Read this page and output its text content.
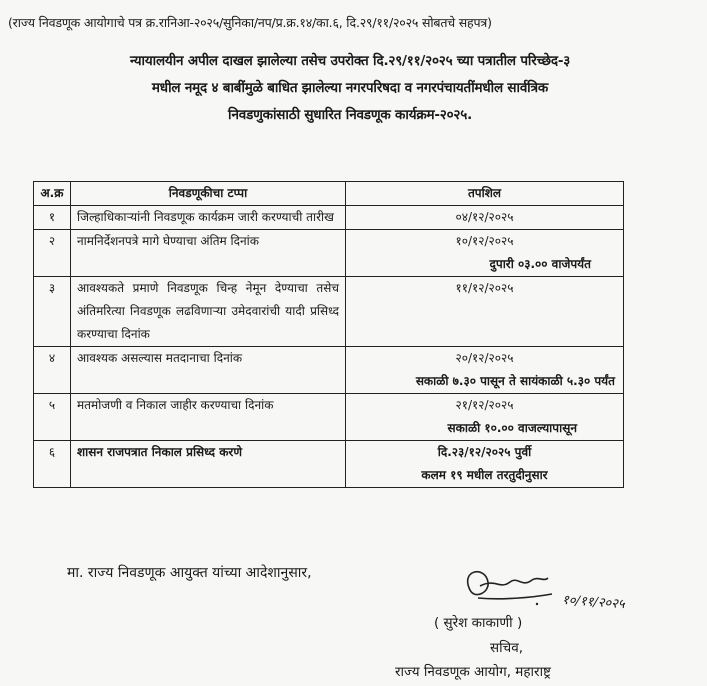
(राज्य निवडणूक आयोगाचे पत्र क्र.रानिआ-२०२५/सुनिका/नप/प्र.क्र.१४/का.६, दि.२९/११/२०२५ सोबतचे सहपत्र)
न्यायालयीन अपील दाखल झालेल्या तसेच उपरोक्त दि.२९/११/२०२५ च्या पत्रातील परिच्छेद-३
मधील नमूद ४ बाबींमुळे बाधित झालेल्या नगरपरिषदा व नगरपंचायतींमधील सार्वत्रिक
निवडणुकांसाठी सुधारित निवडणूक कार्यक्रम-२०२५.
अ.क्र	निवडणूकीचा टप्पा	तपशिल
१	जिल्हाधिकाऱ्यांनी निवडणूक कार्यक्रम जारी करण्याची तारीख	०४/१२/२०२५

२	नामनिर्देशनपत्रे मागे घेण्याचा अंतिम दिनांक	१०/१२/२०२५
दुपारी ०३.०० वाजेपर्यंत

३	आवश्यकते प्रमाणे निवडणूक चिन्ह नेमून देण्याचा तसेच अंतिमरित्या निवडणूक लढविणाऱ्या उमेदवारांची यादी प्रसिध्द करण्याचा दिनांक	११/१२/२०२५

४	आवश्यक असल्यास मतदानाचा दिनांक	२०/१२/२०२५
सकाळी ७.३० पासून ते सायंकाळी ५.३० पर्यंत

५	मतमोजणी व निकाल जाहीर करण्याचा दिनांक	२१/१२/२०२५
सकाळी १०.०० वाजल्यापासून

६	शासन राजपत्रात निकाल प्रसिध्द करणे	दि.२३/१२/२०२५ पुर्वी
कलम १९ मधील तरतुदीनुसार
मा. राज्य निवडणूक आयुक्त यांच्या आदेशानुसार,
१०/११/२०२५
( सुरेश काकाणी )
सचिव,
राज्य निवडणूक आयोग, महाराष्ट्र
